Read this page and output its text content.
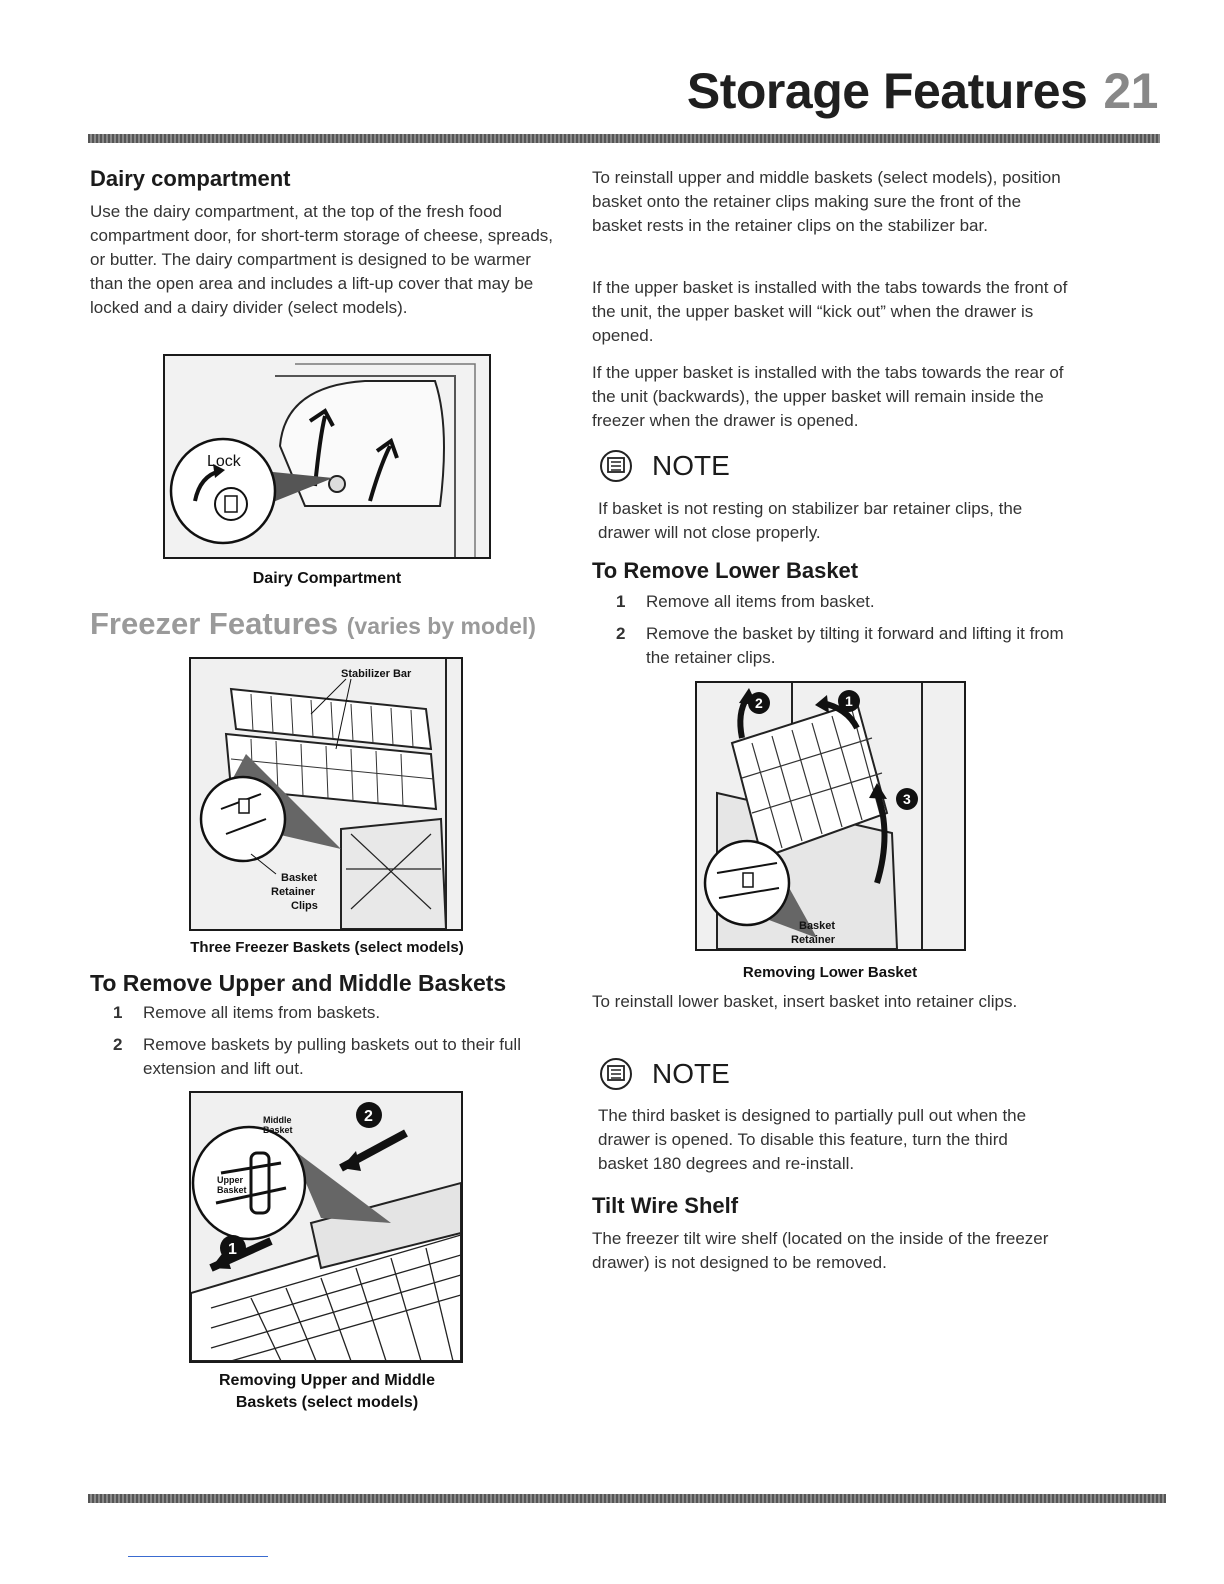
Storage Features 21
Dairy compartment
Use the dairy compartment, at the top of the fresh food compartment door, for short-term storage of cheese, spreads, or butter. The dairy compartment is designed to be warmer than the open area and includes a lift-up cover that may be locked and a dairy divider (select models).
Lock
Dairy Compartment
Freezer Features (varies by model)
Stabilizer Bar
Basket
Retainer
Clips
Three Freezer Baskets (select models)
To Remove Upper and Middle Baskets
1 Remove all items from baskets.
2 Remove baskets by pulling baskets out to their full extension and lift out.
2
1
Middle
Basket
Upper
Basket
Removing Upper and Middle
Baskets (select models)
To reinstall upper and middle baskets (select models), position basket onto the retainer clips making sure the front of the basket rests in the retainer clips on the stabilizer bar.
If the upper basket is installed with the tabs towards the front of the unit, the upper basket will “kick out” when the drawer is opened.
If the upper basket is installed with the tabs towards the rear of the unit (backwards), the upper basket will remain inside the freezer when the drawer is opened.
NOTE
If basket is not resting on stabilizer bar retainer clips, the drawer will not close properly.
To Remove Lower Basket
1 Remove all items from basket.
2 Remove the basket by tilting it forward and lifting it from the retainer clips.
2	1
3
Basket
Retainer
Removing Lower Basket
To reinstall lower basket, insert basket into retainer clips.
NOTE
The third basket is designed to partially pull out when the drawer is opened. To disable this feature, turn the third basket 180 degrees and re-install.
Tilt Wire Shelf
The freezer tilt wire shelf (located on the inside of the freezer drawer) is not designed to be removed.
